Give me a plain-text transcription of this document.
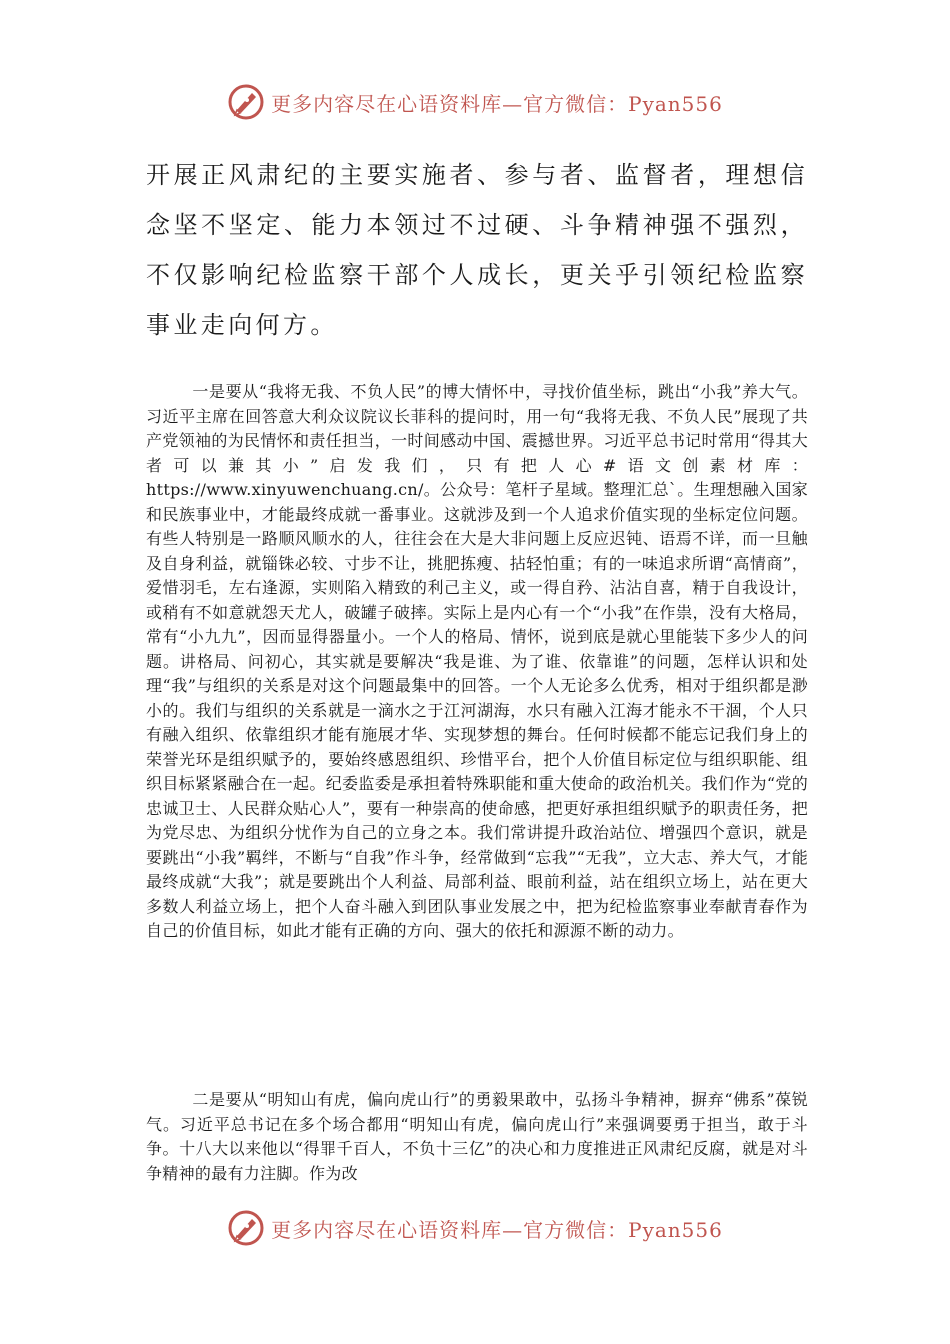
更多内容尽在心语资料库—官方微信：Pyan556

开展正风肃纪的主要实施者、参与者、监督者，理想信念坚不坚定、能力本领过不过硬、斗争精神强不强烈，不仅影响纪检监察干部个人成长，更关乎引领纪检监察事业走向何方。

一是要从“我将无我、不负人民”的博大情怀中，寻找价值坐标，跳出“小我”养大气。习近平主席在回答意大利众议院议长菲科的提问时，用一句“我将无我、不负人民”展现了共产党领袖的为民情怀和责任担当，一时间感动中国、震撼世界。习近平总书记时常用“得其大者可以兼其小”启发我们，只有把人心#语文创素材库：https://www.xinyuwenchuang.cn/。公众号：笔杆子星域。整理汇总`。生理想融入国家和民族事业中，才能最终成就一番事业。这就涉及到一个人追求价值实现的坐标定位问题。有些人特别是一路顺风顺水的人，往往会在大是大非问题上反应迟钝、语焉不详，而一旦触及自身利益，就锱铢必较、寸步不让，挑肥拣瘦、拈轻怕重；有的一味追求所谓“高情商”，爱惜羽毛，左右逢源，实则陷入精致的利己主义，或一得自矜、沾沾自喜，精于自我设计，或稍有不如意就怨天尤人，破罐子破摔。实际上是内心有一个“小我”在作祟，没有大格局，常有“小九九”，因而显得器量小。一个人的格局、情怀，说到底是就心里能装下多少人的问题。讲格局、问初心，其实就是要解决“我是谁、为了谁、依靠谁”的问题，怎样认识和处理“我”与组织的关系是对这个问题最集中的回答。一个人无论多么优秀，相对于组织都是渺小的。我们与组织的关系就是一滴水之于江河湖海，水只有融入江海才能永不干涸，个人只有融入组织、依靠组织才能有施展才华、实现梦想的舞台。任何时候都不能忘记我们身上的荣誉光环是组织赋予的，要始终感恩组织、珍惜平台，把个人价值目标定位与组织职能、组织目标紧紧融合在一起。纪委监委是承担着特殊职能和重大使命的政治机关。我们作为“党的忠诚卫士、人民群众贴心人”，要有一种崇高的使命感，把更好承担组织赋予的职责任务，把为党尽忠、为组织分忧作为自己的立身之本。我们常讲提升政治站位、增强四个意识，就是要跳出“小我”羁绊，不断与“自我”作斗争，经常做到“忘我”“无我”，立大志、养大气，才能最终成就“大我”；就是要跳出个人利益、局部利益、眼前利益，站在组织立场上，站在更大多数人利益立场上，把个人奋斗融入到团队事业发展之中，把为纪检监察事业奉献青春作为自己的价值目标，如此才能有正确的方向、强大的依托和源源不断的动力。

二是要从“明知山有虎，偏向虎山行”的勇毅果敢中，弘扬斗争精神，摒弃“佛系”葆锐气。习近平总书记在多个场合都用“明知山有虎，偏向虎山行”来强调要勇于担当，敢于斗争。十八大以来他以“得罪千百人，不负十三亿”的决心和力度推进正风肃纪反腐，就是对斗争精神的最有力注脚。作为改

更多内容尽在心语资料库—官方微信：Pyan556
